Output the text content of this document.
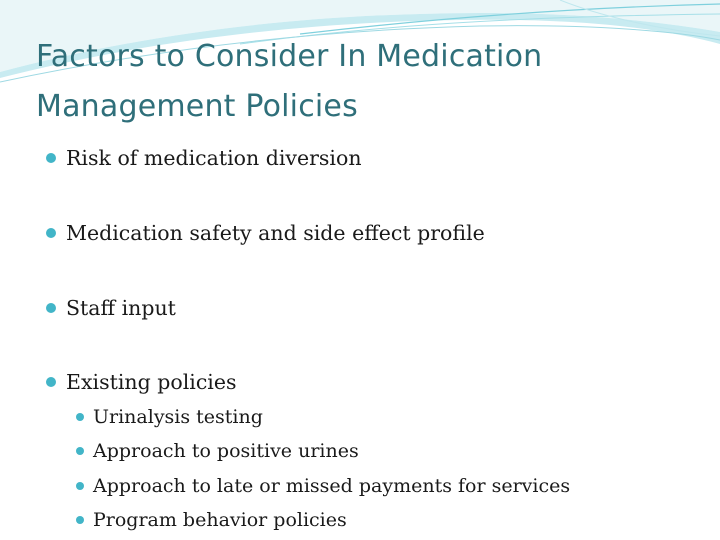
Factors to Consider In Medication Management Policies
Risk of medication diversion
Medication safety and side effect profile
Staff input
Existing policies
Urinalysis testing
Approach to positive urines
Approach to late or missed payments for services
Program behavior policies
